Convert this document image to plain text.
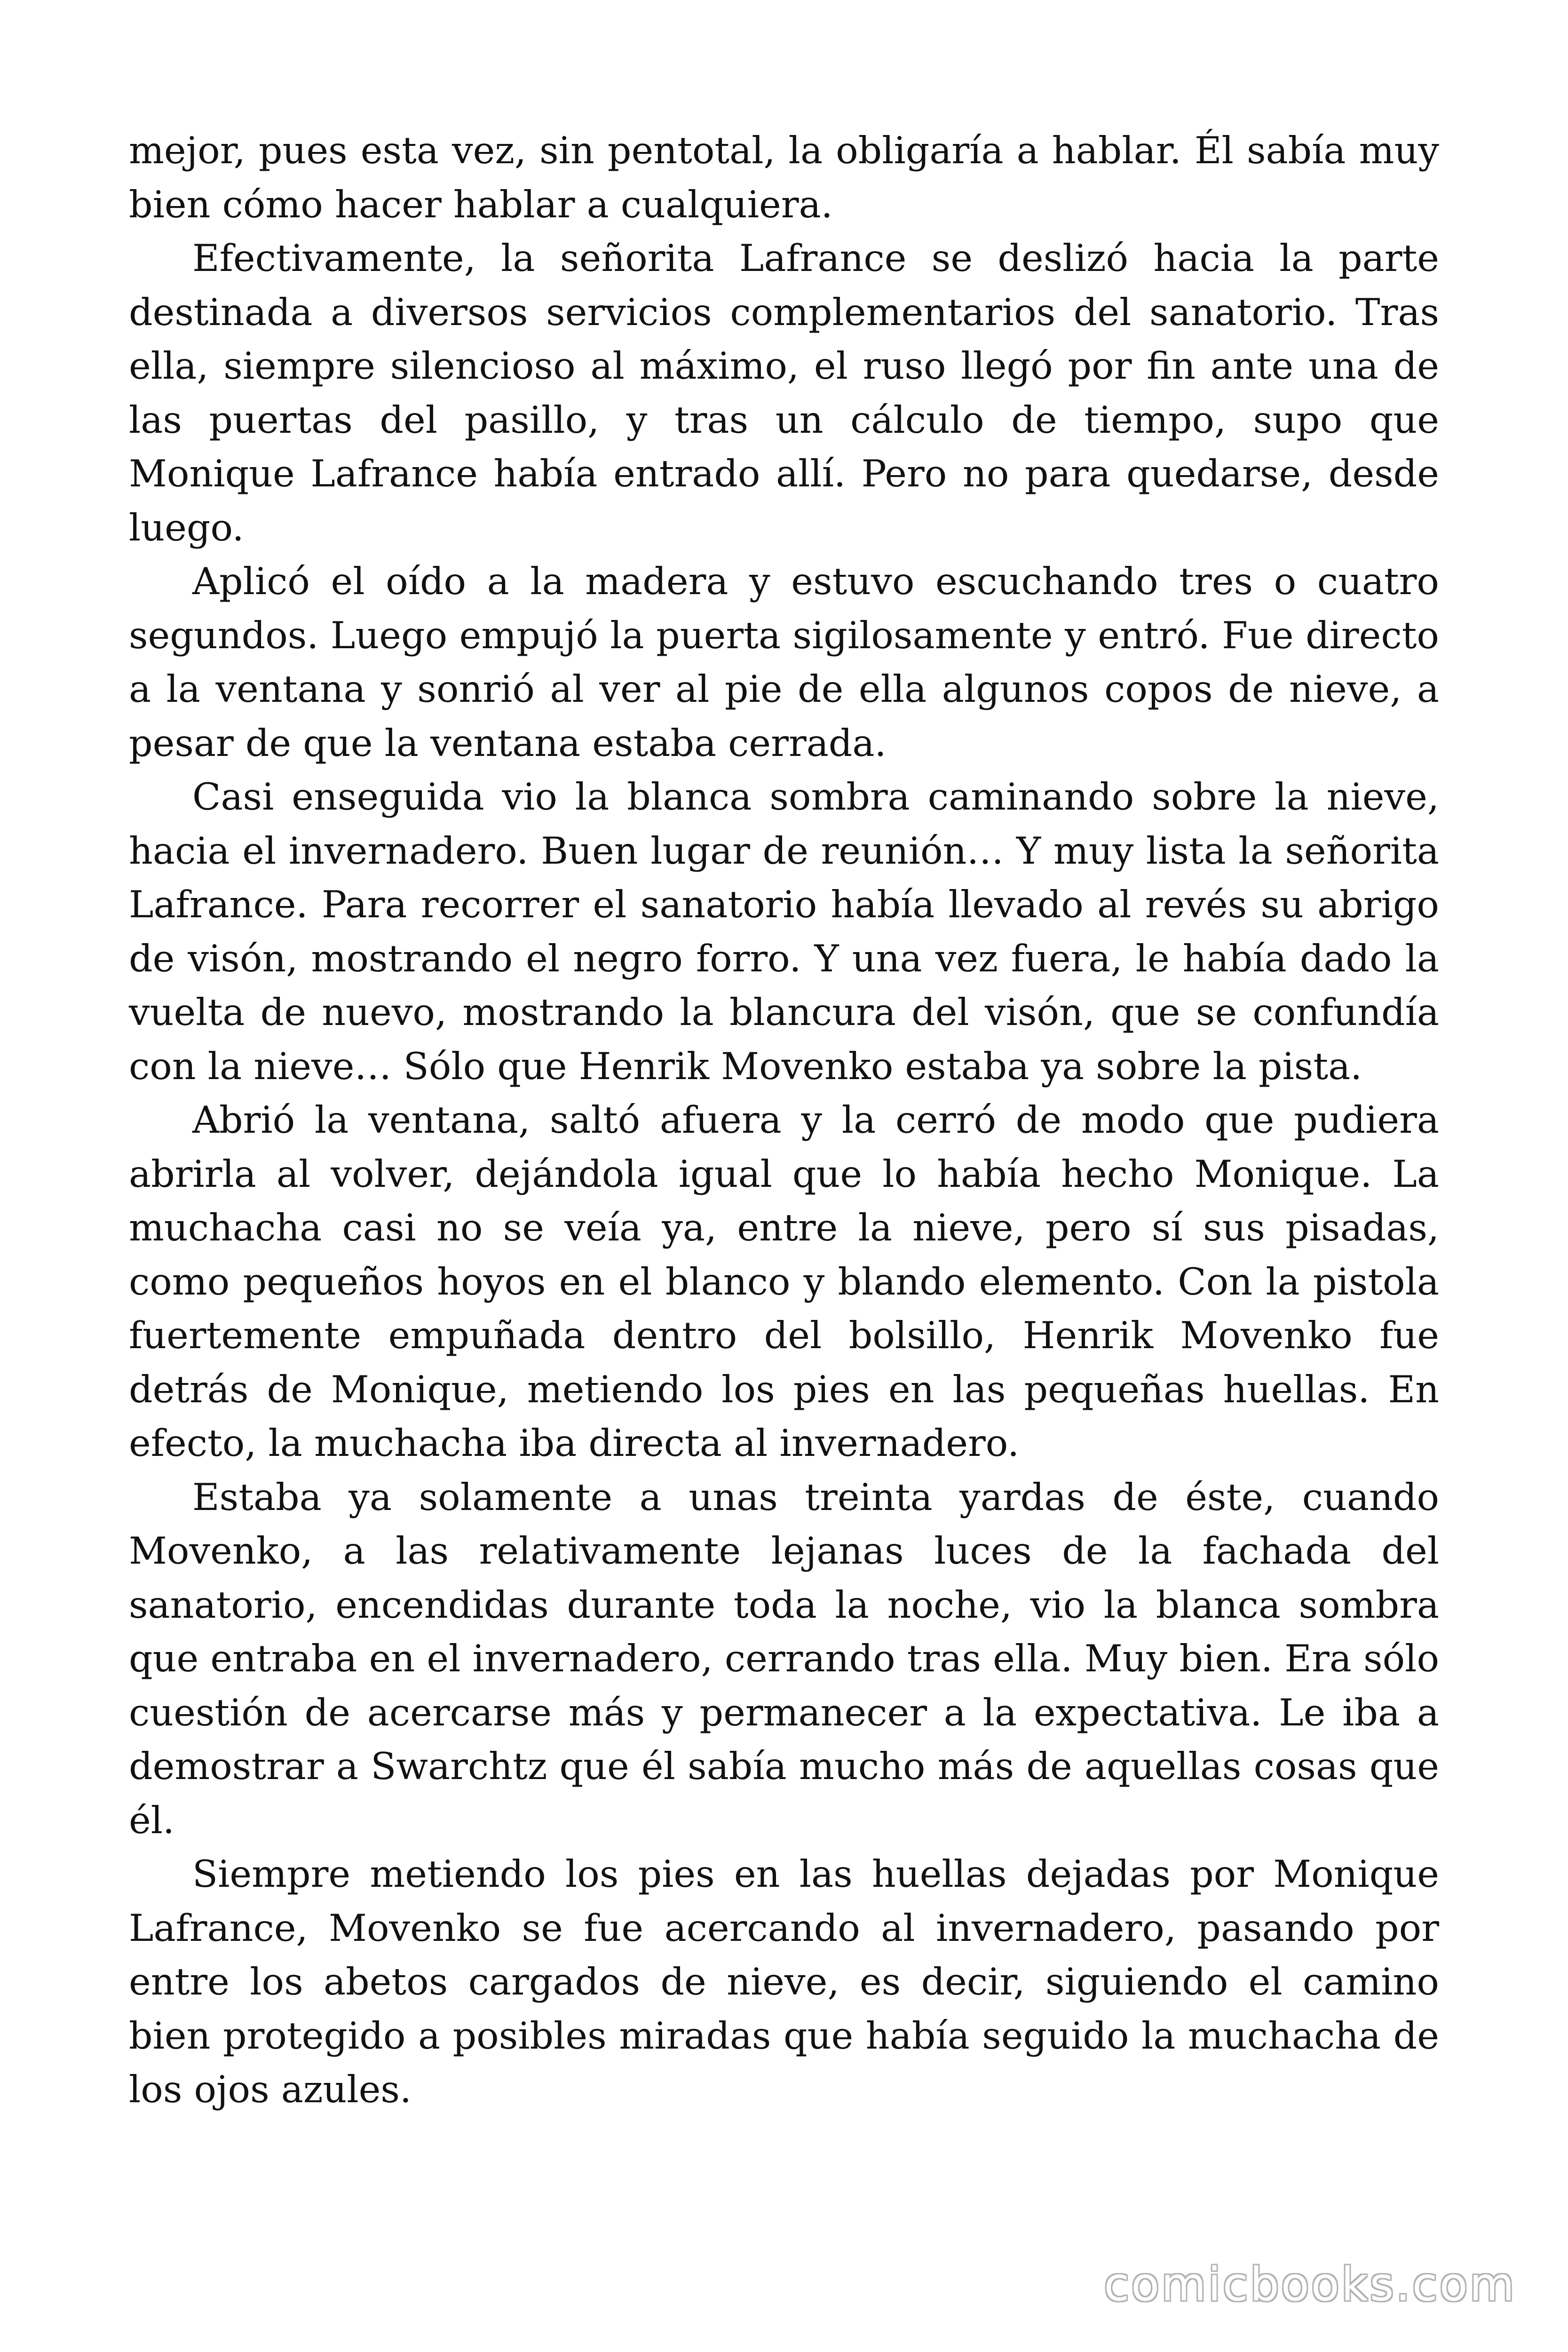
mejor, pues esta vez, sin pentotal, la obligaría a hablar. Él sabía muy bien cómo hacer hablar a cualquiera.

Efectivamente, la señorita Lafrance se deslizó hacia la parte destinada a diversos servicios complementarios del sanatorio. Tras ella, siempre silencioso al máximo, el ruso llegó por fin ante una de las puertas del pasillo, y tras un cálculo de tiempo, supo que Monique Lafrance había entrado allí. Pero no para quedarse, desde luego.

Aplicó el oído a la madera y estuvo escuchando tres o cuatro segundos. Luego empujó la puerta sigilosamente y entró. Fue directo a la ventana y sonrió al ver al pie de ella algunos copos de nieve, a pesar de que la ventana estaba cerrada.

Casi enseguida vio la blanca sombra caminando sobre la nieve, hacia el invernadero. Buen lugar de reunión… Y muy lista la señorita Lafrance. Para recorrer el sanatorio había llevado al revés su abrigo de visón, mostrando el negro forro. Y una vez fuera, le había dado la vuelta de nuevo, mostrando la blancura del visón, que se confundía con la nieve… Sólo que Henrik Movenko estaba ya sobre la pista.

Abrió la ventana, saltó afuera y la cerró de modo que pudiera abrirla al volver, dejándola igual que lo había hecho Monique. La muchacha casi no se veía ya, entre la nieve, pero sí sus pisadas, como pequeños hoyos en el blanco y blando elemento. Con la pistola fuertemente empuñada dentro del bolsillo, Henrik Movenko fue detrás de Monique, metiendo los pies en las pequeñas huellas. En efecto, la muchacha iba directa al invernadero.

Estaba ya solamente a unas treinta yardas de éste, cuando Movenko, a las relativamente lejanas luces de la fachada del sanatorio, encendidas durante toda la noche, vio la blanca sombra que entraba en el invernadero, cerrando tras ella. Muy bien. Era sólo cuestión de acercarse más y permanecer a la expectativa. Le iba a demostrar a Swarchtz que él sabía mucho más de aquellas cosas que él.

Siempre metiendo los pies en las huellas dejadas por Monique Lafrance, Movenko se fue acercando al invernadero, pasando por entre los abetos cargados de nieve, es decir, siguiendo el camino bien protegido a posibles miradas que había seguido la muchacha de los ojos azules.

comicbooks.com
